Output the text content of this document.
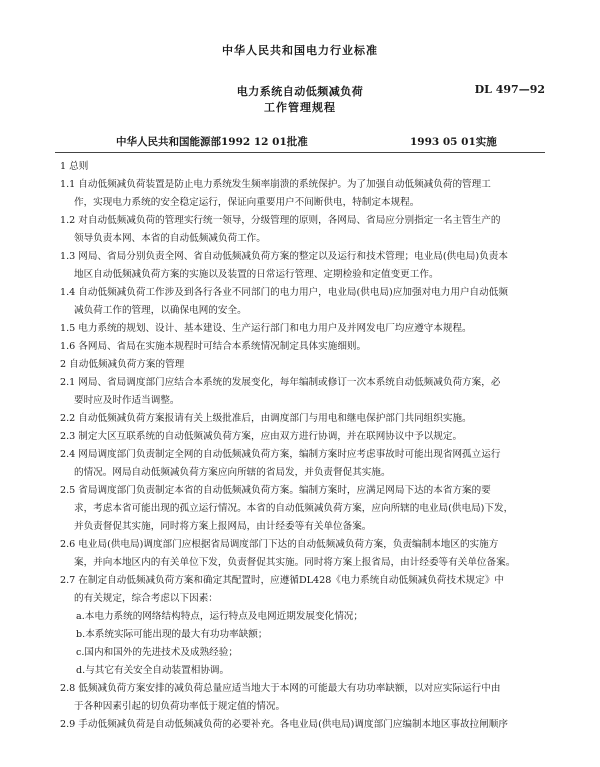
中华人民共和国电力行业标准
电力系统自动低频减负荷	DL 497—92
工作管理规程
中华人民共和国能源部1992 12 01批准	1993 05 01实施
1 总则
1.1 自动低频减负荷装置是防止电力系统发生频率崩溃的系统保护。为了加强自动低频减负荷的管理工
作，实现电力系统的安全稳定运行，保证向重要用户不间断供电，特制定本规程。
1.2 对自动低频减负荷的管理实行统一领导，分级管理的原则，各网局、省局应分别指定一名主管生产的
领导负责本网、本省的自动低频减负荷工作。
1.3 网局、省局分别负责全网、省自动低频减负荷方案的整定以及运行和技术管理；电业局(供电局)负责本
地区自动低频减负荷方案的实施以及装置的日常运行管理、定期检验和定值变更工作。
1.4 自动低频减负荷工作涉及到各行各业不同部门的电力用户，电业局(供电局)应加强对电力用户自动低频
减负荷工作的管理，以确保电网的安全。
1.5 电力系统的规划、设计、基本建设、生产运行部门和电力用户及并网发电厂均应遵守本规程。
1.6 各网局、省局在实施本规程时可结合本系统情况制定具体实施细则。
2 自动低频减负荷方案的管理
2.1 网局、省局调度部门应结合本系统的发展变化，每年编制或修订一次本系统自动低频减负荷方案，必
要时应及时作适当调整。
2.2 自动低频减负荷方案报请有关上级批准后，由调度部门与用电和继电保护部门共同组织实施。
2.3 制定大区互联系统的自动低频减负荷方案，应由双方进行协调，并在联网协议中予以规定。
2.4 网局调度部门负责制定全网的自动低频减负荷方案，编制方案时应考虑事故时可能出现省网孤立运行
的情况。网局自动低频减负荷方案应向所辖的省局发，并负责督促其实施。
2.5 省局调度部门负责制定本省的自动低频减负荷方案。编制方案时，应满足网局下达的本省方案的要
求，考虑本省可能出现的孤立运行情况。本省的自动低频减负荷方案，应向所辖的电业局(供电局)下发，
并负责督促其实施，同时将方案上报网局，由计经委等有关单位备案。
2.6 电业局(供电局)调度部门应根据省局调度部门下达的自动低频减负荷方案，负责编制本地区的实施方
案，并向本地区内的有关单位下发，负责督促其实施。同时将方案上报省局，由计经委等有关单位备案。
2.7 在制定自动低频减负荷方案和确定其配置时，应遵循DL428《电力系统自动低频减负荷技术规定》中
的有关规定，综合考虑以下因素：
a.本电力系统的网络结构特点，运行特点及电网近期发展变化情况；
b.本系统实际可能出现的最大有功功率缺额；
c.国内和国外的先进技术及成熟经验；
d.与其它有关安全自动装置相协调。
2.8 低频减负荷方案安排的减负荷总量应适当地大于本网的可能最大有功功率缺额，以对应实际运行中由
于各种因素引起的切负荷功率低于规定值的情况。
2.9 手动低频减负荷是自动低频减负荷的必要补充。各电业局(供电局)调度部门应编制本地区事故拉闸顺序
